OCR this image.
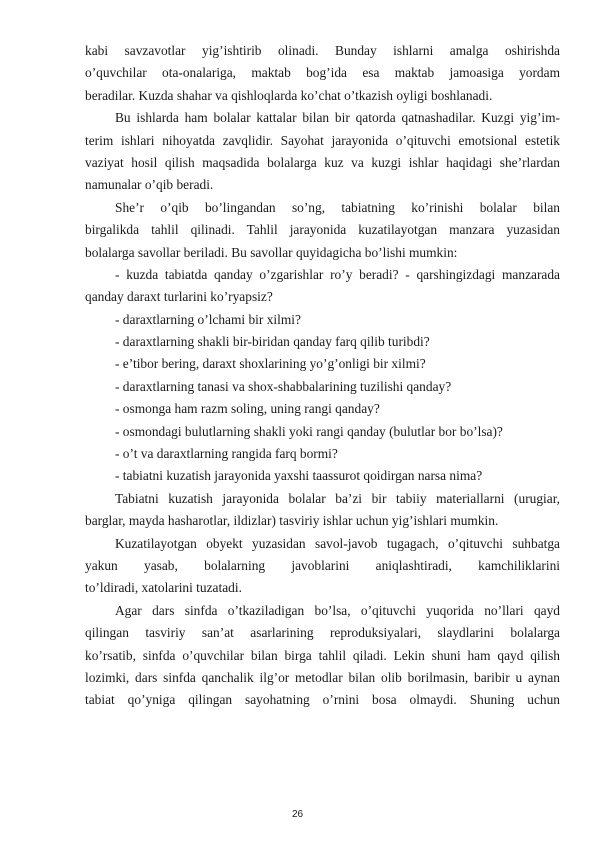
kabi savzavotlar yig’ishtirib olinadi. Bunday ishlarni amalga oshirishda
o’quvchilar ota-onalariga, maktab bog’ida esa maktab jamoasiga yordam
beradilar. Kuzda shahar va qishloqlarda ko’chat o’tkazish oyligi boshlanadi.
Bu ishlarda ham bolalar kattalar bilan bir qatorda qatnashadilar. Kuzgi yig’im-
terim ishlari nihoyatda zavqlidir. Sayohat jarayonida o’qituvchi emotsional estetik
vaziyat hosil qilish maqsadida bolalarga kuz va kuzgi ishlar haqidagi she’rlardan
namunalar o’qib beradi.
She’r o’qib bo’lingandan so’ng, tabiatning ko’rinishi bolalar bilan
birgalikda tahlil qilinadi. Tahlil jarayonida kuzatilayotgan manzara yuzasidan
bolalarga savollar beriladi. Bu savollar quyidagicha bo’lishi mumkin:
- kuzda tabiatda qanday o’zgarishlar ro’y beradi? - qarshingizdagi manzarada
qanday daraxt turlarini ko’ryapsiz?
- daraxtlarning o’lchami bir xilmi?
- daraxtlarning shakli bir-biridan qanday farq qilib turibdi?
- e’tibor bering, daraxt shoxlarining yo’g’onligi bir xilmi?
- daraxtlarning tanasi va shox-shabbalarining tuzilishi qanday?
- osmonga ham razm soling, uning rangi qanday?
- osmondagi bulutlarning shakli yoki rangi qanday (bulutlar bor bo’lsa)?
- o’t va daraxtlarning rangida farq bormi?
- tabiatni kuzatish jarayonida yaxshi taassurot qoidirgan narsa nima?
Tabiatni kuzatish jarayonida bolalar ba’zi bir tabiiy materiallarni (urugiar,
barglar, mayda hasharotlar, ildizlar) tasviriy ishlar uchun yig’ishlari mumkin.
Kuzatilayotgan obyekt yuzasidan savol-javob tugagach, o’qituvchi suhbatga
yakun yasab, bolalarning javoblarini aniqlashtiradi, kamchiliklarini
to’ldiradi, xatolarini tuzatadi.
Agar dars sinfda o’tkaziladigan bo’lsa, o’qituvchi yuqorida no’llari qayd
qilingan tasviriy san’at asarlarining reproduksiyalari, slaydlarini bolalarga
ko’rsatib, sinfda o’quvchilar bilan birga tahlil qiladi. Lekin shuni ham qayd qilish
lozimki, dars sinfda qanchalik ilg’or metodlar bilan olib borilmasin, baribir u aynan
tabiat qo’yniga qilingan sayohatning o’rnini bosa olmaydi. Shuning uchun
26
